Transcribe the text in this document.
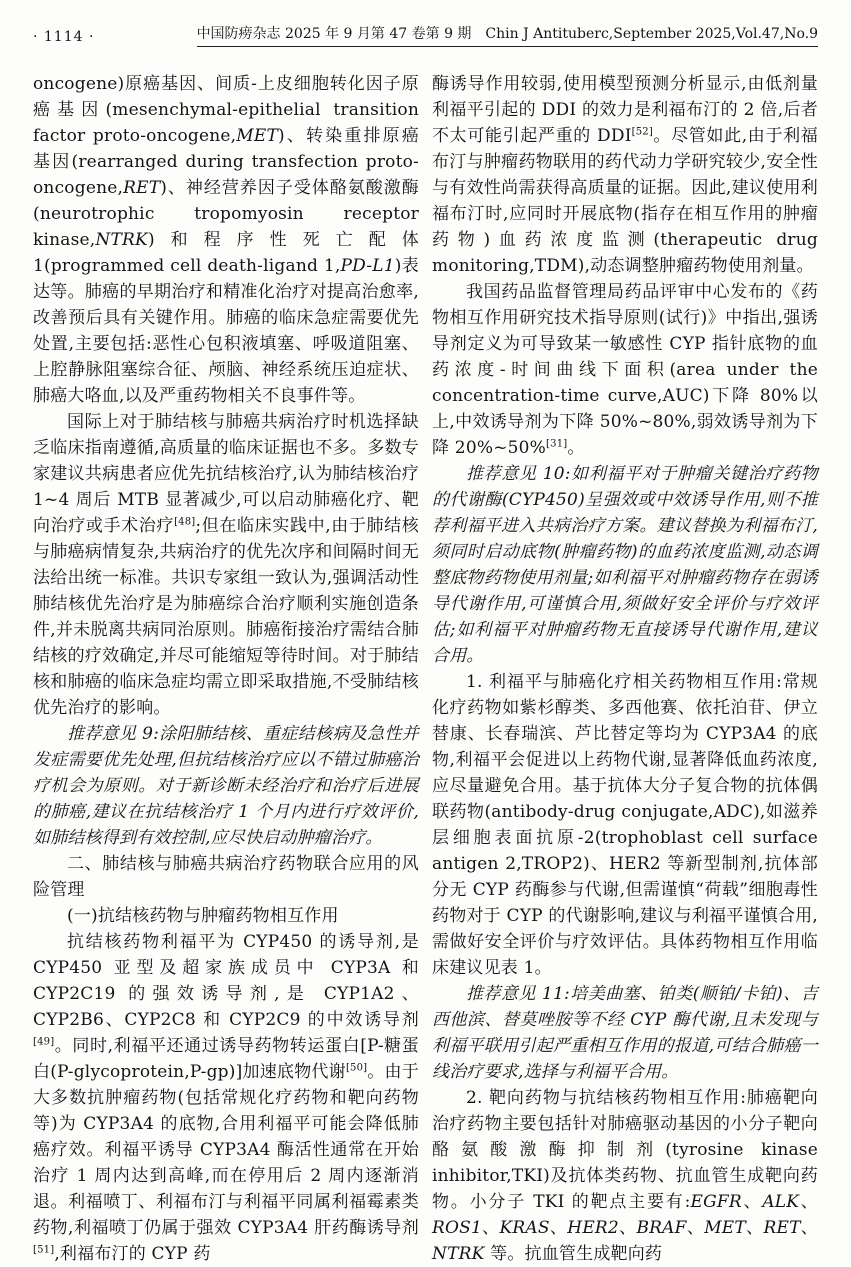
· 1114 ·	中国防痨杂志 2025 年 9 月第 47 卷第 9 期 Chin J Antituberc,September 2025,Vol.47,No.9

oncogene)原癌基因、间质-上皮细胞转化因子原癌基因(mesenchymal-epithelial transition factor proto-oncogene,MET)、转染重排原癌基因(rearranged during transfection proto-oncogene,RET)、神经营养因子受体酪氨酸激酶(neurotrophic tropomyosin receptor kinase,NTRK)和程序性死亡配体 1(programmed cell death-ligand 1,PD-L1)表达等。肺癌的早期治疗和精准化治疗对提高治愈率,改善预后具有关键作用。肺癌的临床急症需要优先处置,主要包括:恶性心包积液填塞、呼吸道阻塞、上腔静脉阻塞综合征、颅脑、神经系统压迫症状、肺癌大咯血,以及严重药物相关不良事件等。

国际上对于肺结核与肺癌共病治疗时机选择缺乏临床指南遵循,高质量的临床证据也不多。多数专家建议共病患者应优先抗结核治疗,认为肺结核治疗 1~4 周后 MTB 显著减少,可以启动肺癌化疗、靶向治疗或手术治疗[48];但在临床实践中,由于肺结核与肺癌病情复杂,共病治疗的优先次序和间隔时间无法给出统一标准。共识专家组一致认为,强调活动性肺结核优先治疗是为肺癌综合治疗顺利实施创造条件,并未脱离共病同治原则。肺癌衔接治疗需结合肺结核的疗效确定,并尽可能缩短等待时间。对于肺结核和肺癌的临床急症均需立即采取措施,不受肺结核优先治疗的影响。

推荐意见 9:涂阳肺结核、重症结核病及急性并发症需要优先处理,但抗结核治疗应以不错过肺癌治疗机会为原则。对于新诊断未经治疗和治疗后进展的肺癌,建议在抗结核治疗 1 个月内进行疗效评价,如肺结核得到有效控制,应尽快启动肿瘤治疗。

二、肺结核与肺癌共病治疗药物联合应用的风险管理

(一)抗结核药物与肿瘤药物相互作用

抗结核药物利福平为 CYP450 的诱导剂,是 CYP450 亚型及超家族成员中 CYP3A 和 CYP2C19 的强效诱导剂,是 CYP1A2、CYP2B6、CYP2C8 和 CYP2C9 的中效诱导剂[49]。同时,利福平还通过诱导药物转运蛋白[P-糖蛋白(P-glycoprotein,P-gp)]加速底物代谢[50]。由于大多数抗肿瘤药物(包括常规化疗药物和靶向药物等)为 CYP3A4 的底物,合用利福平可能会降低肺癌疗效。利福平诱导 CYP3A4 酶活性通常在开始治疗 1 周内达到高峰,而在停用后 2 周内逐渐消退。利福喷丁、利福布汀与利福平同属利福霉素类药物,利福喷丁仍属于强效 CYP3A4 肝药酶诱导剂[51],利福布汀的 CYP 药

酶诱导作用较弱,使用模型预测分析显示,由低剂量利福平引起的 DDI 的效力是利福布汀的 2 倍,后者不太可能引起严重的 DDI[52]。尽管如此,由于利福布汀与肿瘤药物联用的药代动力学研究较少,安全性与有效性尚需获得高质量的证据。因此,建议使用利福布汀时,应同时开展底物(指存在相互作用的肿瘤药物)血药浓度监测(therapeutic drug monitoring,TDM),动态调整肿瘤药物使用剂量。

我国药品监督管理局药品评审中心发布的《药物相互作用研究技术指导原则(试行)》中指出,强诱导剂定义为可导致某一敏感性 CYP 指针底物的血药浓度-时间曲线下面积(area under the concentration-time curve,AUC)下降 80%以上,中效诱导剂为下降 50%~80%,弱效诱导剂为下降 20%~50%[31]。

推荐意见 10:如利福平对于肿瘤关键治疗药物的代谢酶(CYP450)呈强效或中效诱导作用,则不推荐利福平进入共病治疗方案。建议替换为利福布汀,须同时启动底物(肿瘤药物)的血药浓度监测,动态调整底物药物使用剂量;如利福平对肿瘤药物存在弱诱导代谢作用,可谨慎合用,须做好安全评价与疗效评估;如利福平对肿瘤药物无直接诱导代谢作用,建议合用。

1. 利福平与肺癌化疗相关药物相互作用:常规化疗药物如紫杉醇类、多西他赛、依托泊苷、伊立替康、长春瑞滨、芦比替定等均为 CYP3A4 的底物,利福平会促进以上药物代谢,显著降低血药浓度,应尽量避免合用。基于抗体大分子复合物的抗体偶联药物(antibody-drug conjugate,ADC),如滋养层细胞表面抗原-2(trophoblast cell surface antigen 2,TROP2)、HER2 等新型制剂,抗体部分无 CYP 药酶参与代谢,但需谨慎“荷载”细胞毒性药物对于 CYP 的代谢影响,建议与利福平谨慎合用,需做好安全评价与疗效评估。具体药物相互作用临床建议见表 1。

推荐意见 11:培美曲塞、铂类(顺铂/卡铂)、吉西他滨、替莫唑胺等不经 CYP 酶代谢,且未发现与利福平联用引起严重相互作用的报道,可结合肺癌一线治疗要求,选择与利福平合用。

2. 靶向药物与抗结核药物相互作用:肺癌靶向治疗药物主要包括针对肺癌驱动基因的小分子靶向酪氨酸激酶抑制剂(tyrosine kinase inhibitor,TKI)及抗体类药物、抗血管生成靶向药物。小分子 TKI 的靶点主要有:EGFR、ALK、ROS1、KRAS、HER2、BRAF、MET、RET、NTRK 等。抗血管生成靶向药
